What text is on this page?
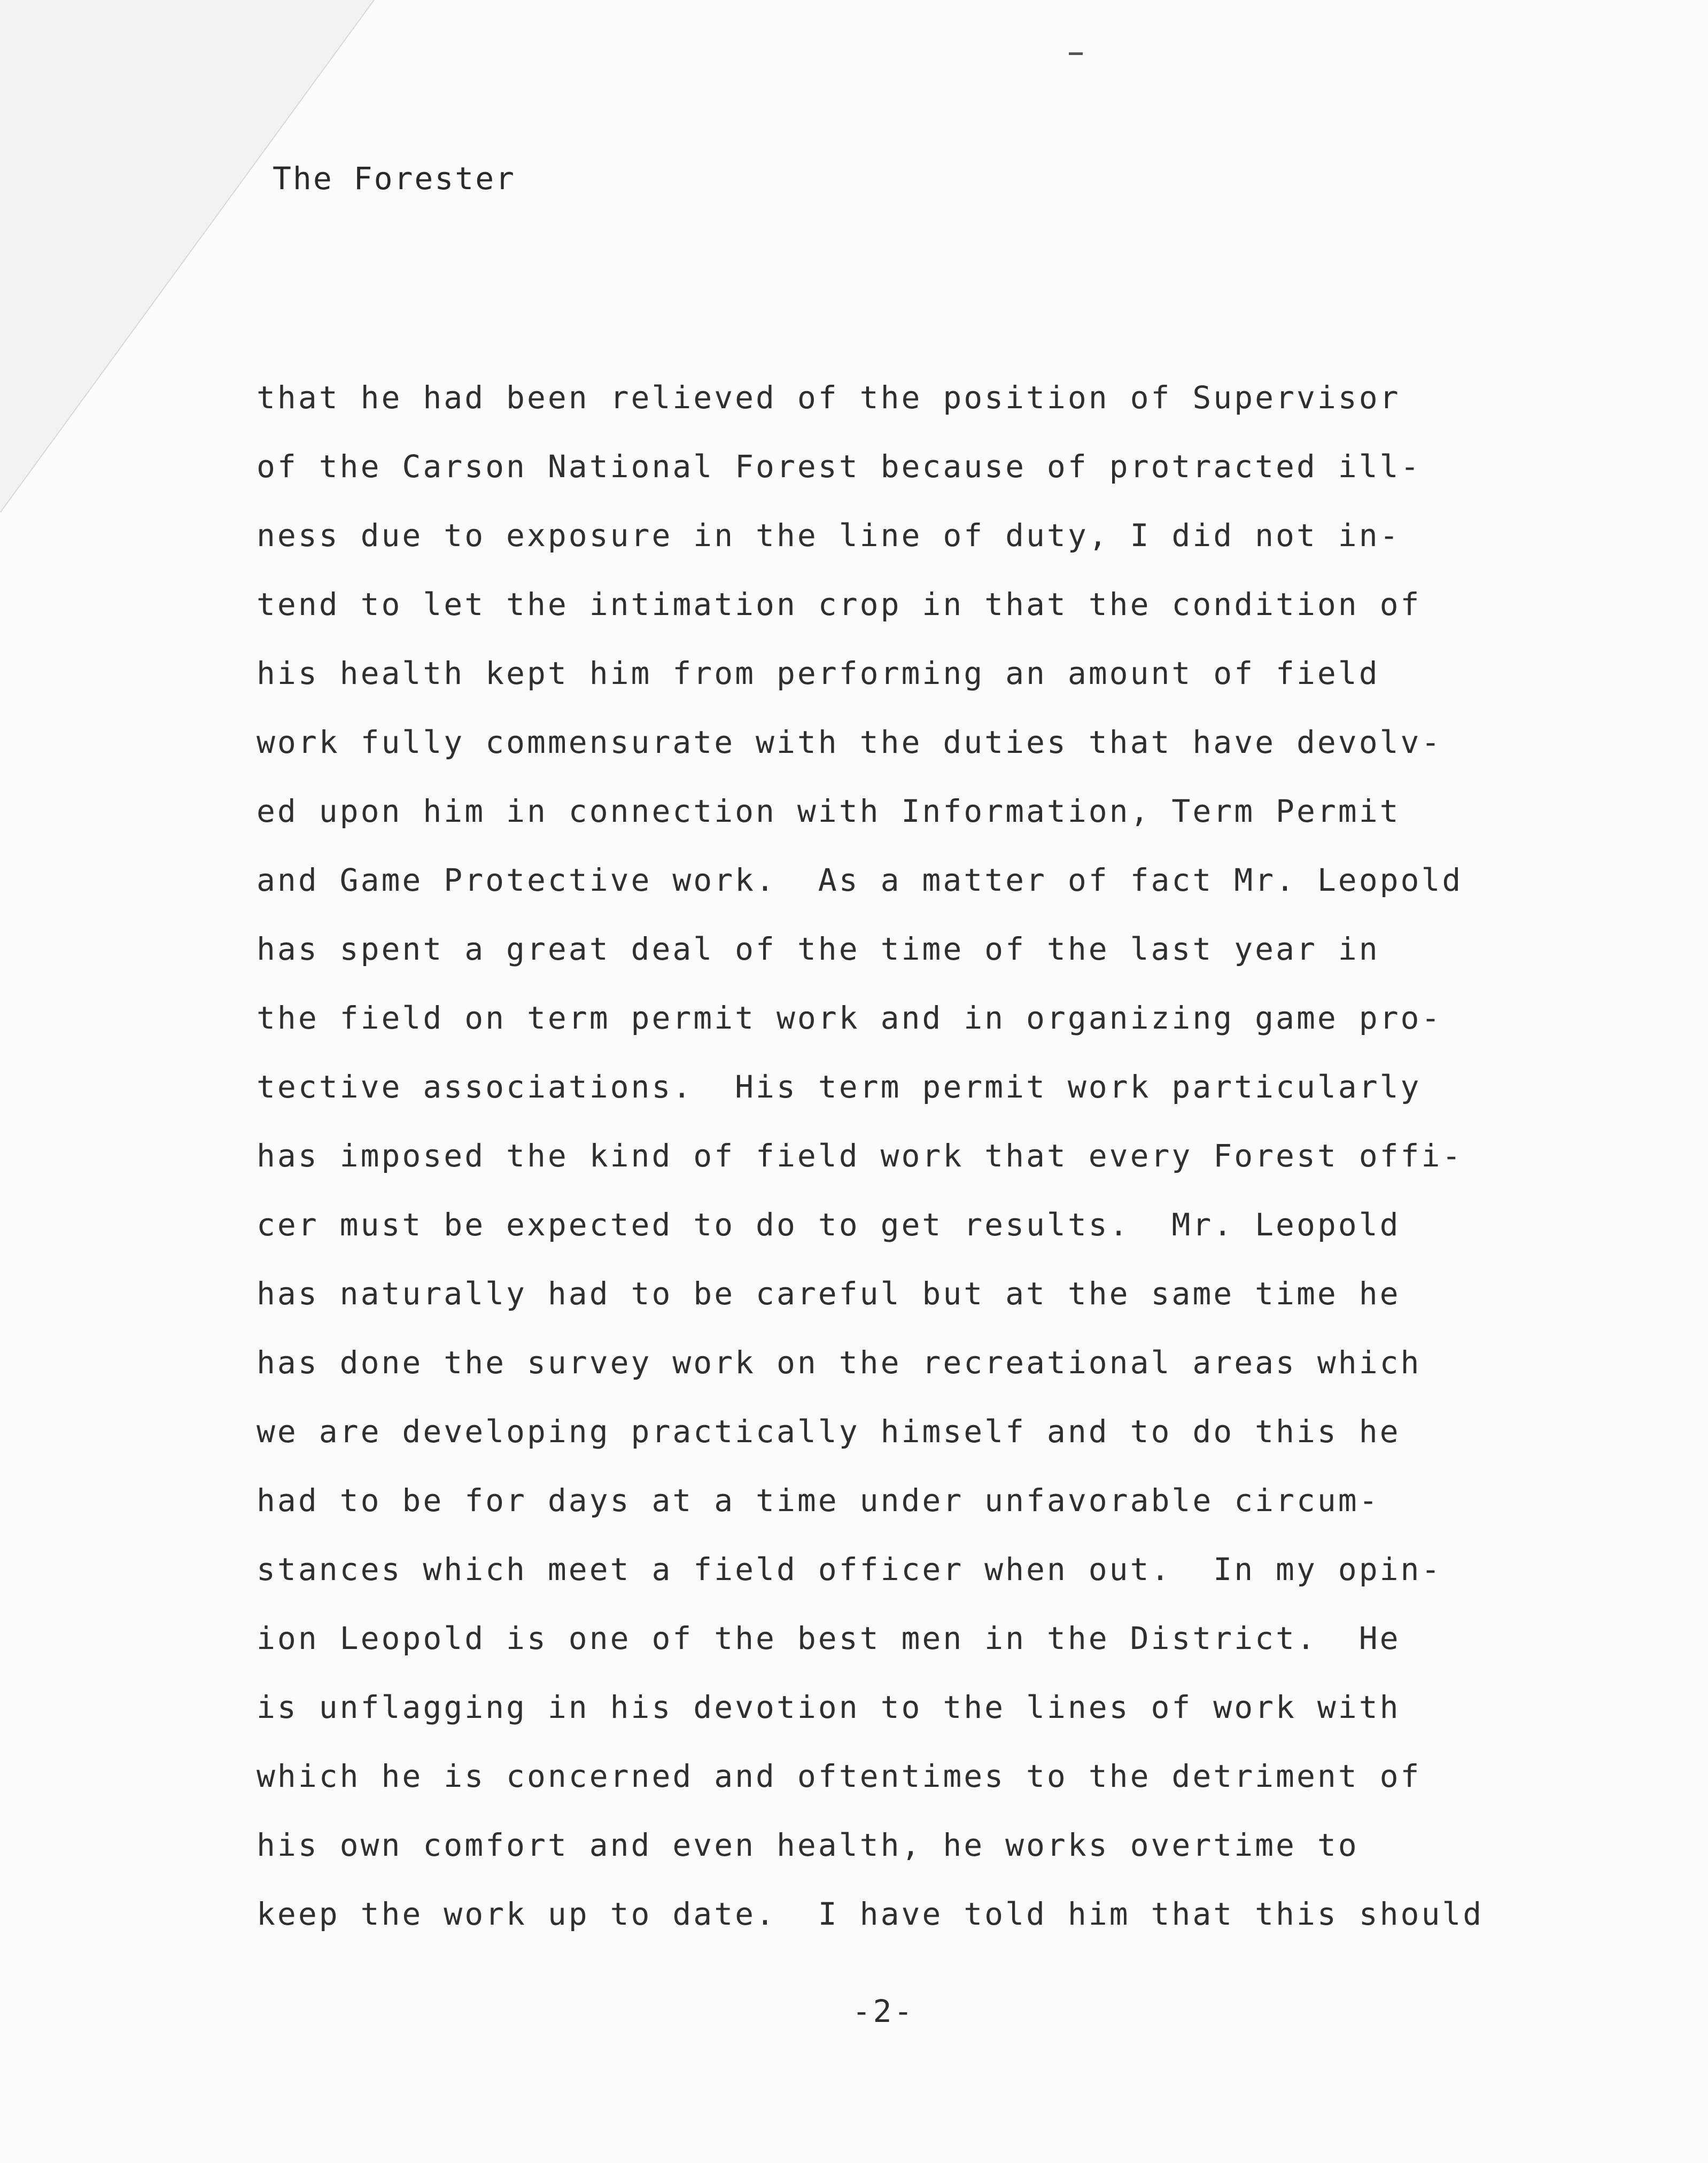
The Forester
that he had been relieved of the position of Supervisor
of the Carson National Forest because of protracted ill-
ness due to exposure in the line of duty, I did not in-
tend to let the intimation crop in that the condition of
his health kept him from performing an amount of field
work fully commensurate with the duties that have devolv-
ed upon him in connection with Information, Term Permit
and Game Protective work.  As a matter of fact Mr. Leopold
has spent a great deal of the time of the last year in
the field on term permit work and in organizing game pro-
tective associations.  His term permit work particularly
has imposed the kind of field work that every Forest offi-
cer must be expected to do to get results.  Mr. Leopold
has naturally had to be careful but at the same time he
has done the survey work on the recreational areas which
we are developing practically himself and to do this he
had to be for days at a time under unfavorable circum-
stances which meet a field officer when out.  In my opin-
ion Leopold is one of the best men in the District.  He
is unflagging in his devotion to the lines of work with
which he is concerned and oftentimes to the detriment of
his own comfort and even health, he works overtime to
keep the work up to date.  I have told him that this should
-2-
